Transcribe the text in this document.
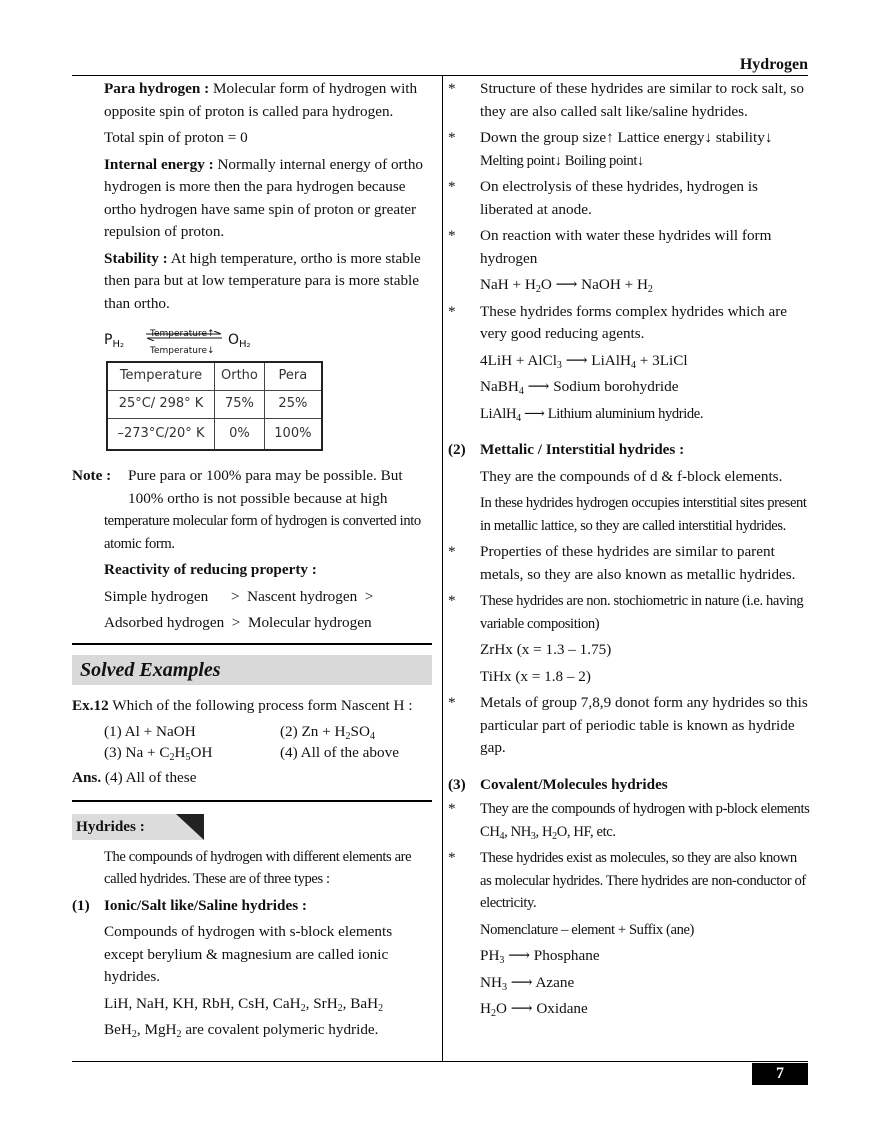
Hydrogen

Para hydrogen : Molecular form of hydrogen with opposite spin of proton is called para hydrogen.

Total spin of proton = 0

Internal energy : Normally internal energy of ortho hydrogen is more then the para hydrogen because ortho hydrogen have same spin of proton or greater repulsion of proton.

Stability : At high temperature, ortho is more stable then para but at low temperature para is more stable than ortho.

$P_{H_2}$
Temperature↑
Temperature↓
$O_{H_2}$
Temperature	Ortho	Pera
25°C/ 298° K	75%	25%
–273°C/20° K	0%	100%
Note :	Pure para or 100% para may be possible. But 100% ortho is not possible because at high

temperature molecular form of hydrogen is converted into atomic form.

Reactivity of reducing property :

Simple hydrogen      >  Nascent hydrogen  >

Adsorbed hydrogen  >  Molecular hydrogen

Solved Examples

Ex.12 Which of the following process form Nascent H :

(1) Al + NaOH	(2) $Zn + H_2SO_4$
(3) $Na + C_2H_5OH$	(4) All of the above

Ans. (4) All of these

Hydrides :

The compounds of hydrogen with different elements are called hydrides. These are of three types :

(1) Ionic/Salt like/Saline hydrides :

Compounds of hydrogen with s-block elements except berylium & magnesium are called ionic hydrides.

LiH, NaH, KH, RbH, CsH, CaH$_2$, SrH$_2$, BaH$_2$

BeH$_2$, MgH$_2$ are covalent polymeric hydride.

* Structure of these hydrides are similar to rock salt, so they are also called salt like/saline hydrides.

* Down the group size↑ Lattice energy↓ stability↓
Melting point↓ Boiling point↓

* On electrolysis of these hydrides, hydrogen is liberated at anode.

* On reaction with water these hydrides will form hydrogen

NaH + $H_2O$ ⟶ NaOH + $H_2$

* These hydrides forms complex hydrides which are very good reducing agents.

4LiH + AlCl$_3$ ⟶ LiAlH$_4$ + 3LiCl

NaBH$_4$ ⟶ Sodium borohydride

LiAlH$_4$ ⟶ Lithium aluminium hydride.

(2) Mettalic / Interstitial hydrides :

They are the compounds of d & f-block elements.

In these hydrides hydrogen occupies interstitial sites present in metallic lattice, so they are called interstitial hydrides.

* Properties of these hydrides are similar to parent metals, so they are also known as metallic hydrides.

* These hydrides are non. stochiometric in nature (i.e. having variable composition)

ZrHx (x = 1.3 – 1.75)

TiHx (x = 1.8 – 2)

* Metals of group 7,8,9 donot form any hydrides so this particular part of periodic table is known as hydride gap.

(3) Covalent/Molecules hydrides

* They are the compounds of hydrogen with p-block elements $CH_4$, $NH_3$, $H_2O$, HF, etc.

* These hydrides exist as molecules, so they are also known as molecular hydrides. There hydrides are non-conductor of electricity.

Nomenclature – element + Suffix (ane)

$PH_3$ ⟶ Phosphane

$NH_3$ ⟶ Azane

$H_2O$ ⟶ Oxidane

7
